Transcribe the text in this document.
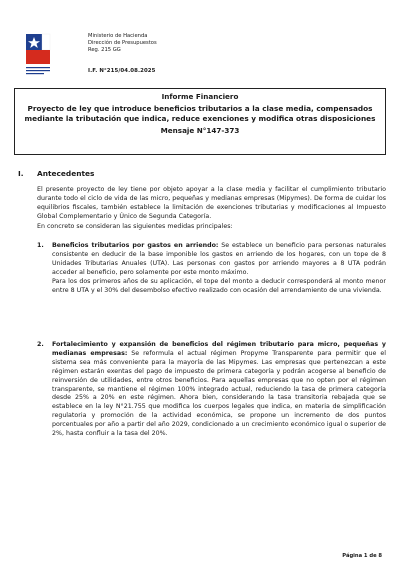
Ministerio de Hacienda
Dirección de Presupuestos
Reg. 215 GG
I.F. N°215/04.08.2025
Informe Financiero
Proyecto de ley que introduce beneficios tributarios a la clase media, compensados mediante la tributación que indica, reduce exenciones y modifica otras disposiciones
Mensaje N°147-373
I. Antecedentes

El presente proyecto de ley tiene por objeto apoyar a la clase media y facilitar el cumplimiento tributario durante todo el ciclo de vida de las micro, pequeñas y medianas empresas (Mipymes). De forma de cuidar los equilibrios fiscales, también establece la limitación de exenciones tributarias y modificaciones al Impuesto Global Complementario y Único de Segunda Categoría.

En concreto se consideran las siguientes medidas principales:

1.	Beneficios tributarios por gastos en arriendo: Se establece un beneficio para personas naturales consistente en deducir de la base imponible los gastos en arriendo de los hogares, con un tope de 8 Unidades Tributarias Anuales (UTA). Las personas con gastos por arriendo mayores a 8 UTA podrán acceder al beneficio, pero solamente por este monto máximo.

Para los dos primeros años de su aplicación, el tope del monto a deducir corresponderá al monto menor entre 8 UTA y el 30% del desembolso efectivo realizado con ocasión del arrendamiento de una vivienda.

2.	Fortalecimiento y expansión de beneficios del régimen tributario para micro, pequeñas y medianas empresas: Se reformula el actual régimen Propyme Transparente para permitir que el sistema sea más conveniente para la mayoría de las Mipymes. Las empresas que pertenezcan a este régimen estarán exentas del pago de impuesto de primera categoría y podrán acogerse al beneficio de reinversión de utilidades, entre otros beneficios. Para aquellas empresas que no opten por el régimen transparente, se mantiene el régimen 100% integrado actual, reduciendo la tasa de primera categoría desde 25% a 20% en este régimen. Ahora bien, considerando la tasa transitoria rebajada que se establece en la ley N°21.755 que modifica los cuerpos legales que indica, en materia de simplificación regulatoria y promoción de la actividad económica, se propone un incremento de dos puntos porcentuales por año a partir del año 2029, condicionado a un crecimiento económico igual o superior de 2%, hasta confluir a la tasa del 20%.

Página 1 de 8
